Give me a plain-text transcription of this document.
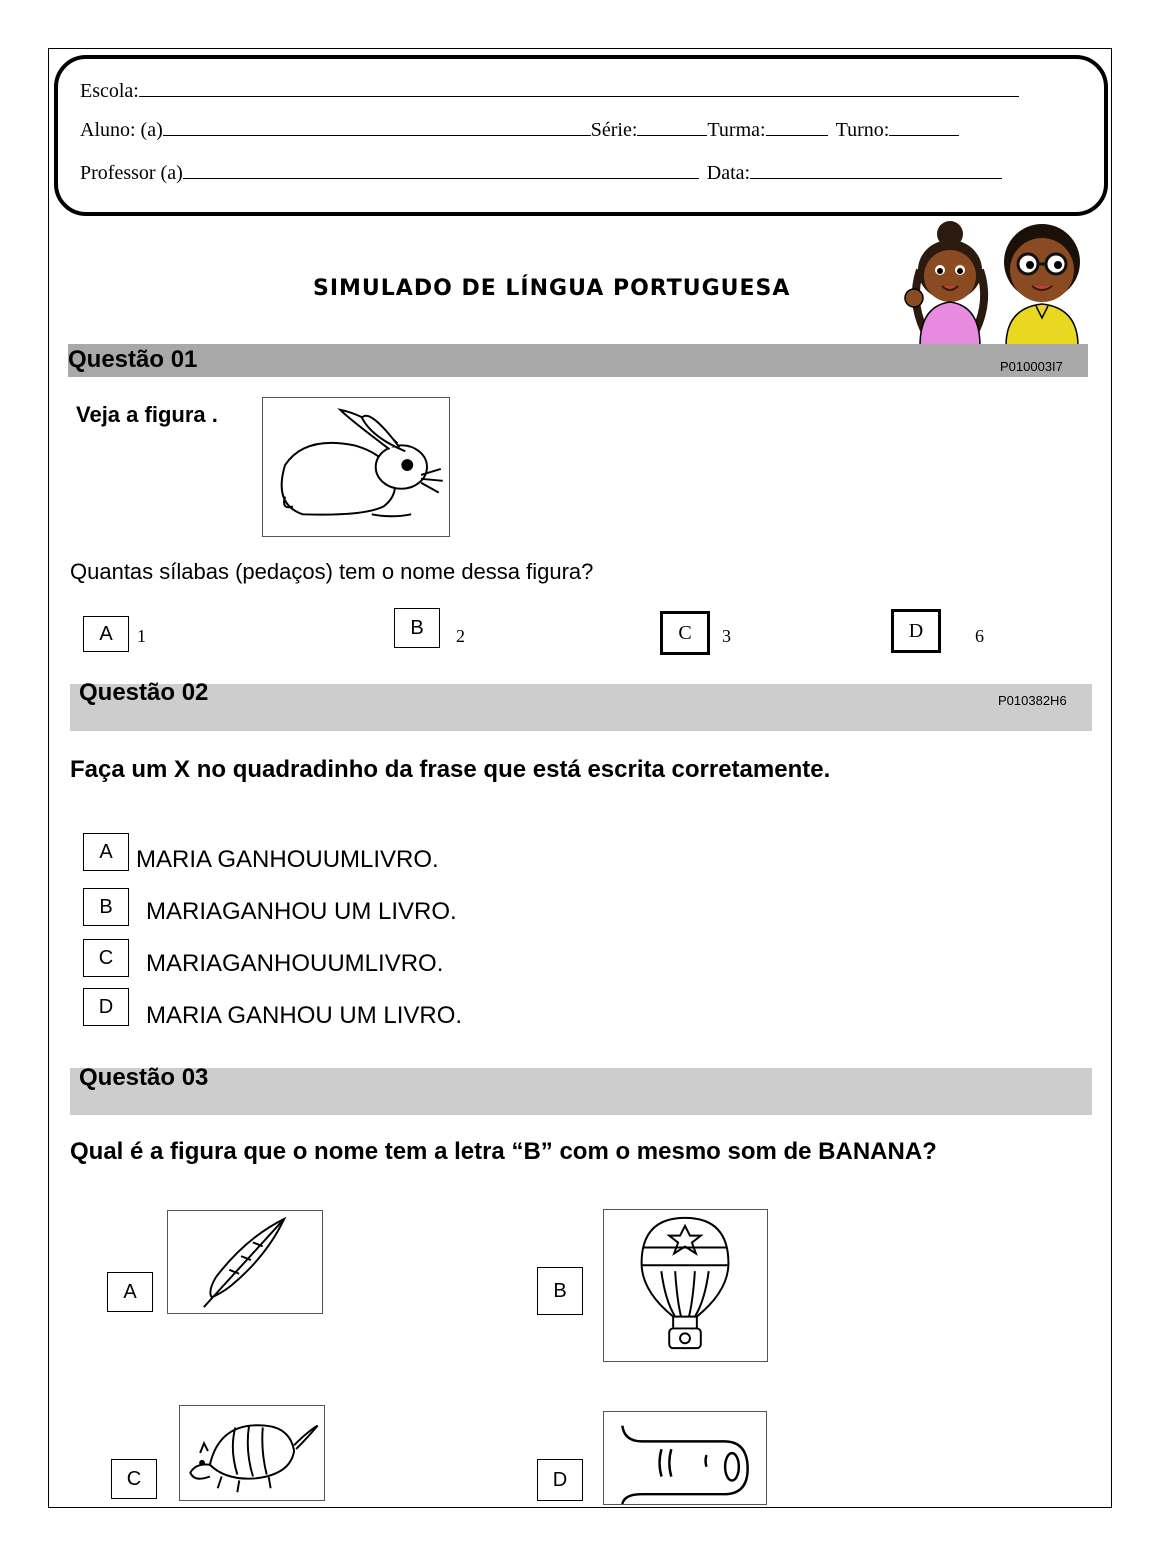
Escola:
Aluno: (a)	Série:	Turma:	Turno:
Professor (a)	Data:
SIMULADO DE LÍNGUA PORTUGUESA
Questão 01	P010003I7
Veja a figura .
Quantas sílabas (pedaços) tem o nome dessa figura?
A	1	B	2	C	3	D	6
Questão 02	P010382H6
Faça um X no quadradinho da frase que está escrita corretamente.
A MARIA GANHOUUMLIVRO.
B	MARIAGANHOU UM LIVRO.
C	MARIAGANHOUUMLIVRO.
D	MARIA GANHOU UM LIVRO.
Questão 03
Qual é a figura que o nome tem a letra “B” com o mesmo som de BANANA?
A	B
C	D
